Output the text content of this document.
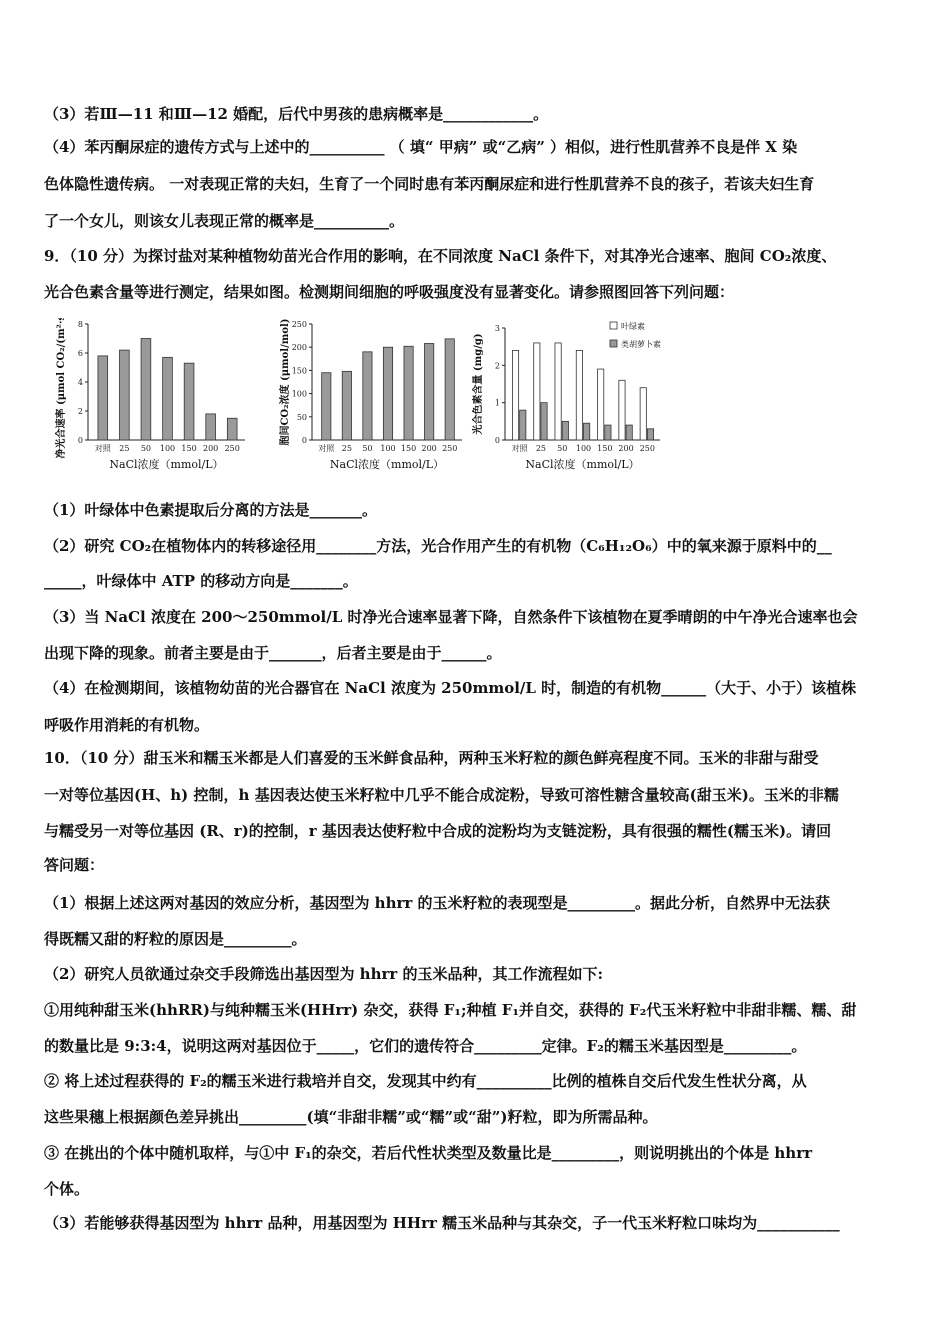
（3）若Ⅲ—11 和Ⅲ—12 婚配，后代中男孩的患病概率是____________。
（4）苯丙酮尿症的遗传方式与上述中的__________ （ 填“ 甲病” 或“乙病” ）相似，进行性肌营养不良是伴 X 染
色体隐性遗传病。 一对表现正常的夫妇，生育了一个同时患有苯丙酮尿症和进行性肌营养不良的孩子，若该夫妇生育
了一个女儿，则该女儿表现正常的概率是__________。
9．（10 分）为探讨盐对某种植物幼苗光合作用的影响，在不同浓度 NaCl 条件下，对其净光合速率、胞间 CO₂浓度、
光合色素含量等进行测定，结果如图。检测期间细胞的呼吸强度没有显著变化。请参照图回答下列问题：
（1）叶绿体中色素提取后分离的方法是_______。
（2）研究 CO₂在植物体内的转移途径用________方法，光合作用产生的有机物（C₆H₁₂O₆）中的氧来源于原料中的__
_____，叶绿体中 ATP 的移动方向是_______。
（3）当 NaCl 浓度在 200～250mmol/L 时净光合速率显著下降，自然条件下该植物在夏季晴朗的中午净光合速率也会
出现下降的现象。前者主要是由于_______，后者主要是由于______。
（4）在检测期间，该植物幼苗的光合器官在 NaCl 浓度为 250mmol/L 时，制造的有机物______（大于、小于）该植株
呼吸作用消耗的有机物。
10．（10 分）甜玉米和糯玉米都是人们喜爱的玉米鲜食品种，两种玉米籽粒的颜色鲜亮程度不同。玉米的非甜与甜受
一对等位基因(H、h) 控制，h 基因表达使玉米籽粒中几乎不能合成淀粉，导致可溶性糖含量较高(甜玉米)。玉米的非糯
与糯受另一对等位基因 (R、r)的控制，r 基因表达使籽粒中合成的淀粉均为支链淀粉，具有很强的糯性(糯玉米)。请回
答问题：
（1）根据上述这两对基因的效应分析，基因型为 hhrr 的玉米籽粒的表现型是_________。据此分析，自然界中无法获
得既糯又甜的籽粒的原因是_________。
（2）研究人员欲通过杂交手段筛选出基因型为 hhrr 的玉米品种，其工作流程如下:
①用纯种甜玉米(hhRR)与纯种糯玉米(HHrr) 杂交，获得 F₁;种植 F₁并自交，获得的 F₂代玉米籽粒中非甜非糯、糯、甜
的数量比是 9:3:4，说明这两对基因位于_____，它们的遗传符合_________定律。F₂的糯玉米基因型是_________。
② 将上述过程获得的 F₂的糯玉米进行栽培并自交，发现其中约有__________比例的植株自交后代发生性状分离，从
这些果穗上根据颜色差异挑出_________(填“非甜非糯”或“糯”或“甜”)籽粒，即为所需品种。
③ 在挑出的个体中随机取样，与①中 F₁的杂交，若后代性状类型及数量比是_________，则说明挑出的个体是 hhrr
个体。
（3）若能够获得基因型为 hhrr 品种，用基因型为 HHrr 糯玉米品种与其杂交，子一代玉米籽粒口味均为___________
0
2
4
6
8
对照 25 50 100 150 200 250
NaCl浓度（mmol/L）
净光合速率 (μmol CO₂/(m²·s))	0
50
100
150
200
250
对照 25 50 100 150 200 250
NaCl浓度（mmol/L）
胞间CO₂浓度 (μmol/mol)	0
1
2
3
对照 25 50 100 150 200 250
NaCl浓度（mmol/L）
光合色素含量 (mg/g)
叶绿素
类胡萝卜素
